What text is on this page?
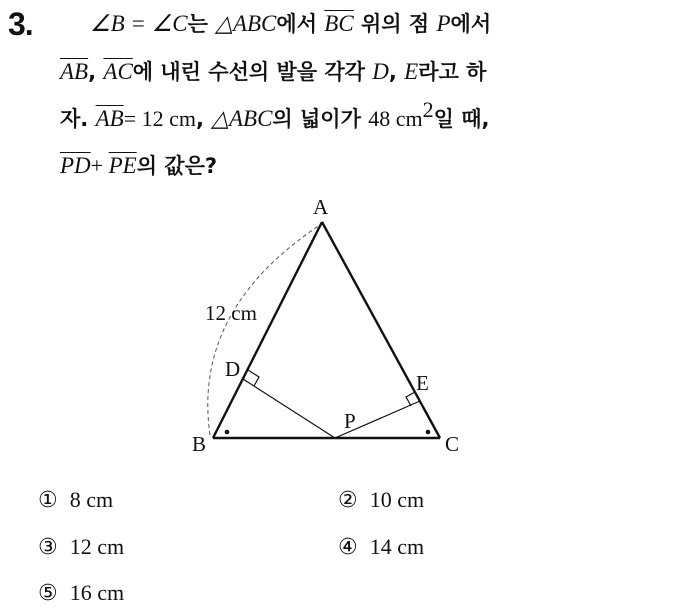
3. ∠B = ∠C는 △ABC에서 $\overline{BC}$ 위의 점 P에서
$\overline{AB}$, $\overline{AC}$에 내린 수선의 발을 각각 D, E라고 하
자. $\overline{AB}= 12$ cm, △ABC의 넓이가 48 $cm^2$일 때,
$\overline{PD}+ \overline{PE}$의 값은?
A
B	C
D
E
P
12 cm
① 8 cm	② 10 cm
③ 12 cm	④ 14 cm
⑤ 16 cm
